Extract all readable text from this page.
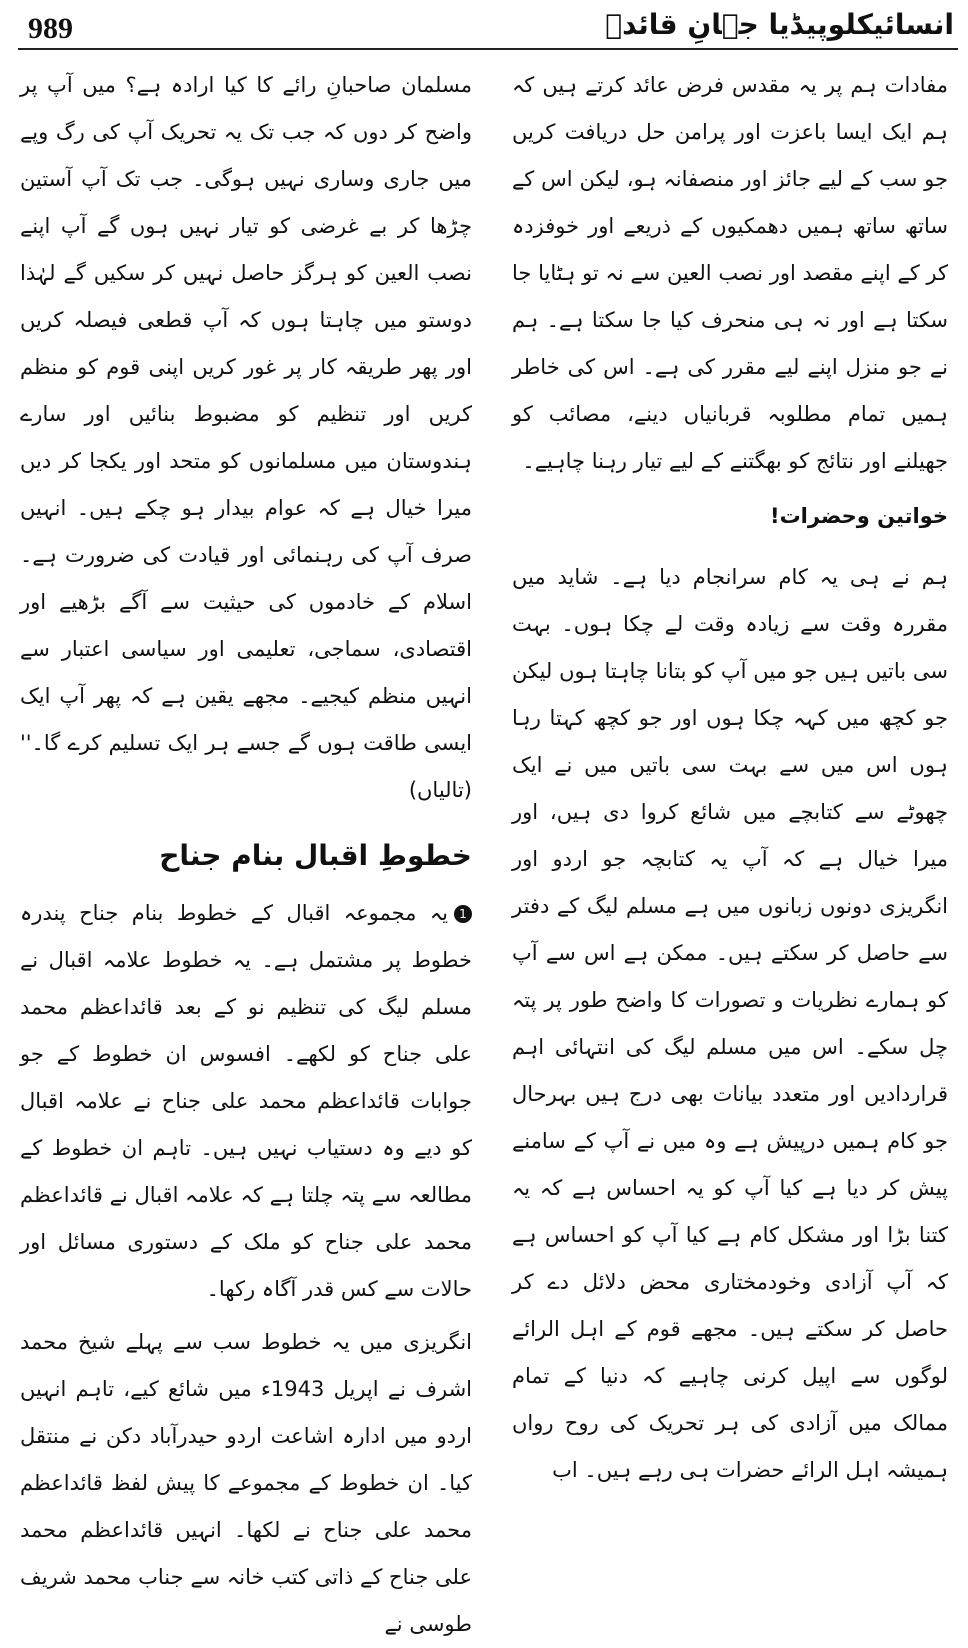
989	انسائیکلوپیڈیا جہانِ قائدؒ

مفادات ہم پر یہ مقدس فرض عائد کرتے ہیں کہ ہم ایک ایسا باعزت اور پرامن حل دریافت کریں جو سب کے لیے جائز اور منصفانہ ہو، لیکن اس کے ساتھ ساتھ ہمیں دھمکیوں کے ذریعے اور خوفزدہ کر کے اپنے مقصد اور نصب العین سے نہ تو ہٹایا جا سکتا ہے اور نہ ہی منحرف کیا جا سکتا ہے۔ ہم نے جو منزل اپنے لیے مقرر کی ہے۔ اس کی خاطر ہمیں تمام مطلوبہ قربانیاں دینے، مصائب کو جھیلنے اور نتائج کو بھگتنے کے لیے تیار رہنا چاہیے۔

خواتین وحضرات!

ہم نے ہی یہ کام سرانجام دیا ہے۔ شاید میں مقررہ وقت سے زیادہ وقت لے چکا ہوں۔ بہت سی باتیں ہیں جو میں آپ کو بتانا چاہتا ہوں لیکن جو کچھ میں کہہ چکا ہوں اور جو کچھ کہتا رہا ہوں اس میں سے بہت سی باتیں میں نے ایک چھوٹے سے کتابچے میں شائع کروا دی ہیں، اور میرا خیال ہے کہ آپ یہ کتابچہ جو اردو اور انگریزی دونوں زبانوں میں ہے مسلم لیگ کے دفتر سے حاصل کر سکتے ہیں۔ ممکن ہے اس سے آپ کو ہمارے نظریات و تصورات کا واضح طور پر پتہ چل سکے۔ اس میں مسلم لیگ کی انتہائی اہم قراردادیں اور متعدد بیانات بھی درج ہیں بہرحال جو کام ہمیں درپیش ہے وہ میں نے آپ کے سامنے پیش کر دیا ہے کیا آپ کو یہ احساس ہے کہ یہ کتنا بڑا اور مشکل کام ہے کیا آپ کو احساس ہے کہ آپ آزادی وخودمختاری محض دلائل دے کر حاصل کر سکتے ہیں۔ مجھے قوم کے اہل الرائے لوگوں سے اپیل کرنی چاہیے کہ دنیا کے تمام ممالک میں آزادی کی ہر تحریک کی روح رواں ہمیشہ اہل الرائے حضرات ہی رہے ہیں۔ اب

مسلمان صاحبانِ رائے کا کیا ارادہ ہے؟ میں آپ پر واضح کر دوں کہ جب تک یہ تحریک آپ کی رگ وپے میں جاری وساری نہیں ہوگی۔ جب تک آپ آستین چڑھا کر بے غرضی کو تیار نہیں ہوں گے آپ اپنے نصب العین کو ہرگز حاصل نہیں کر سکیں گے لہٰذا دوستو میں چاہتا ہوں کہ آپ قطعی فیصلہ کریں اور پھر طریقہ کار پر غور کریں اپنی قوم کو منظم کریں اور تنظیم کو مضبوط بنائیں اور سارے ہندوستان میں مسلمانوں کو متحد اور یکجا کر دیں میرا خیال ہے کہ عوام بیدار ہو چکے ہیں۔ انہیں صرف آپ کی رہنمائی اور قیادت کی ضرورت ہے۔ اسلام کے خادموں کی حیثیت سے آگے بڑھیے اور اقتصادی، سماجی، تعلیمی اور سیاسی اعتبار سے انہیں منظم کیجیے۔ مجھے یقین ہے کہ پھر آپ ایک ایسی طاقت ہوں گے جسے ہر ایک تسلیم کرے گا۔'' (تالیاں)

خطوطِ اقبال بنام جناح

1یہ مجموعہ اقبال کے خطوط بنام جناح پندرہ خطوط پر مشتمل ہے۔ یہ خطوط علامہ اقبال نے مسلم لیگ کی تنظیم نو کے بعد قائداعظم محمد علی جناح کو لکھے۔ افسوس ان خطوط کے جو جوابات قائداعظم محمد علی جناح نے علامہ اقبال کو دیے وہ دستیاب نہیں ہیں۔ تاہم ان خطوط کے مطالعہ سے پتہ چلتا ہے کہ علامہ اقبال نے قائداعظم محمد علی جناح کو ملک کے دستوری مسائل اور حالات سے کس قدر آگاہ رکھا۔

انگریزی میں یہ خطوط سب سے پہلے شیخ محمد اشرف نے اپریل 1943ء میں شائع کیے، تاہم انہیں اردو میں ادارہ اشاعت اردو حیدرآباد دکن نے منتقل کیا۔ ان خطوط کے مجموعے کا پیش لفظ قائداعظم محمد علی جناح نے لکھا۔ انہیں قائداعظم محمد علی جناح کے ذاتی کتب خانہ سے جناب محمد شریف طوسی نے
